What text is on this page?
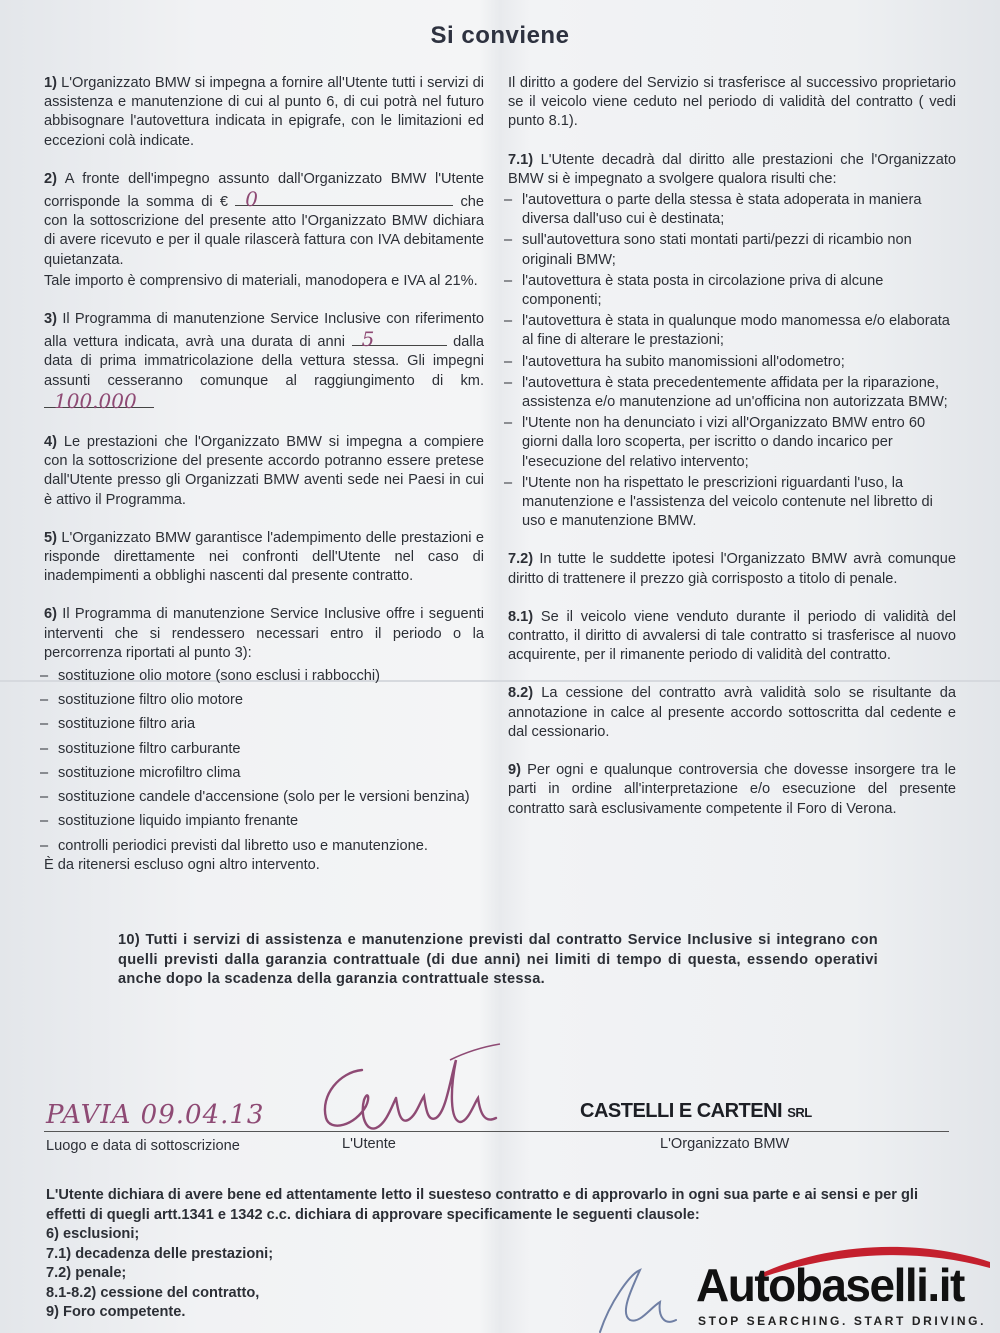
Si conviene

1) L'Organizzato BMW si impegna a fornire all'Utente tutti i servizi di assistenza e manutenzione di cui al punto 6, di cui potrà nel futuro abbisognare l'autovettura indicata in epigrafe, con le limitazioni ed eccezioni colà indicate.

2) A fronte dell'impegno assunto dall'Organizzato BMW l'Utente corrisponde la somma di € 0	che con la sottoscrizione del presente atto l'Organizzato BMW dichiara di avere ricevuto e per il quale rilascerà fattura con IVA debitamente quietanzata.

Tale importo è comprensivo di materiali, manodopera e IVA al 21%.

3) Il Programma di manutenzione Service Inclusive con riferimento alla vettura indicata, avrà una durata di anni 5	dalla data di prima immatricolazione della vettura stessa. Gli impegni assunti cesseranno comunque al raggiungimento di km.
100.000

4) Le prestazioni che l'Organizzato BMW si impegna a compiere con la sottoscrizione del presente accordo potranno essere pretese dall'Utente presso gli Organizzati BMW aventi sede nei Paesi in cui è attivo il Programma.

5) L'Organizzato BMW garantisce l'adempimento delle prestazioni e risponde direttamente nei confronti dell'Utente nel caso di inadempimenti a obblighi nascenti dal presente contratto.

6) Il Programma di manutenzione Service Inclusive offre i seguenti interventi che si rendessero necessari entro il periodo o la percorrenza riportati al punto 3):

– sostituzione olio motore (sono esclusi i rabbocchi)
– sostituzione filtro olio motore
– sostituzione filtro aria
– sostituzione filtro carburante
– sostituzione microfiltro clima
– sostituzione candele d'accensione (solo per le versioni benzina)
– sostituzione liquido impianto frenante
– controlli periodici previsti dal libretto uso e manutenzione.
È da ritenersi escluso ogni altro intervento.

Il diritto a godere del Servizio si trasferisce al successivo proprietario se il veicolo viene ceduto nel periodo di validità del contratto ( vedi punto 8.1).

7.1) L'Utente decadrà dal diritto alle prestazioni che l'Organizzato BMW si è impegnato a svolgere qualora risulti che:

– l'autovettura o parte della stessa è stata adoperata in maniera diversa dall'uso cui è destinata;
– sull'autovettura sono stati montati parti/pezzi di ricambio non originali BMW;
– l'autovettura è stata posta in circolazione priva di alcune componenti;
– l'autovettura è stata in qualunque modo manomessa e/o elaborata al fine di alterare le prestazioni;
– l'autovettura ha subito manomissioni all'odometro;
– l'autovettura è stata precedentemente affidata per la riparazione, assistenza e/o manutenzione ad un'officina non autorizzata BMW;
– l'Utente non ha denunciato i vizi all'Organizzato BMW entro 60 giorni dalla loro scoperta, per iscritto o dando incarico per l'esecuzione del relativo intervento;
– l'Utente non ha rispettato le prescrizioni riguardanti l'uso, la manutenzione e l'assistenza del veicolo contenute nel libretto di uso e manutenzione BMW.

7.2) In tutte le suddette ipotesi l'Organizzato BMW avrà comunque diritto di trattenere il prezzo già corrisposto a titolo di penale.

8.1) Se il veicolo viene venduto durante il periodo di validità del contratto, il diritto di avvalersi di tale contratto si trasferisce al nuovo acquirente, per il rimanente periodo di validità del contratto.

8.2) La cessione del contratto avrà validità solo se risultante da annotazione in calce al presente accordo sottoscritta dal cedente e dal cessionario.

9) Per ogni e qualunque controversia che dovesse insorgere tra le parti in ordine all'interpretazione e/o esecuzione del presente contratto sarà esclusivamente competente il Foro di Verona.

10) Tutti i servizi di assistenza e manutenzione previsti dal contratto Service Inclusive si integrano con quelli previsti dalla garanzia contrattuale (di due anni) nei limiti di tempo di questa, essendo operativi anche dopo la scadenza della garanzia contrattuale stessa.
PAVIA 09.04.13	CASTELLI E CARTENI SRL
Luogo e data di sottoscrizione	L'Utente	L'Organizzato BMW
L'Utente dichiara di avere bene ed attentamente letto il suesteso contratto e di approvarlo in ogni sua parte e ai sensi e per gli effetti di quegli artt.1341 e 1342 c.c. dichiara di approvare specificamente le seguenti clausole:
6) esclusioni;
7.1) decadenza delle prestazioni;
7.2) penale;
8.1-8.2) cessione del contratto,
9) Foro competente.
Autobaselli.it
STOP SEARCHING. START DRIVING.
